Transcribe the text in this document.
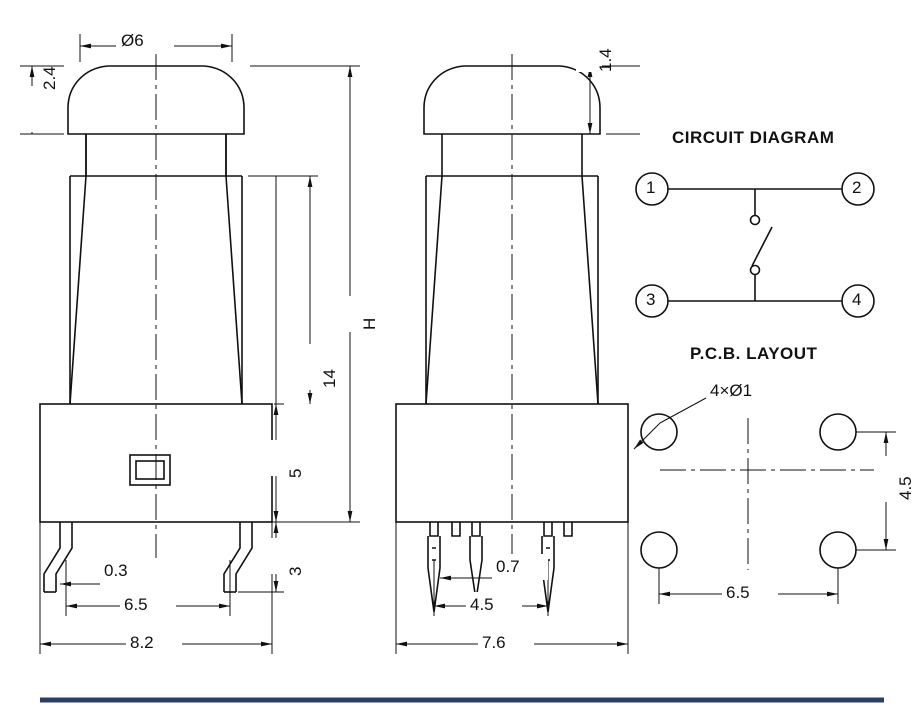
Ø6
2.4
H
14
5
3
0.3
6.5
8.2
1.4
0.7
4.5
7.6
CIRCUIT DIAGRAM
1	2
3	4
P.C.B. LAYOUT
4×Ø1
4.5
6.5
